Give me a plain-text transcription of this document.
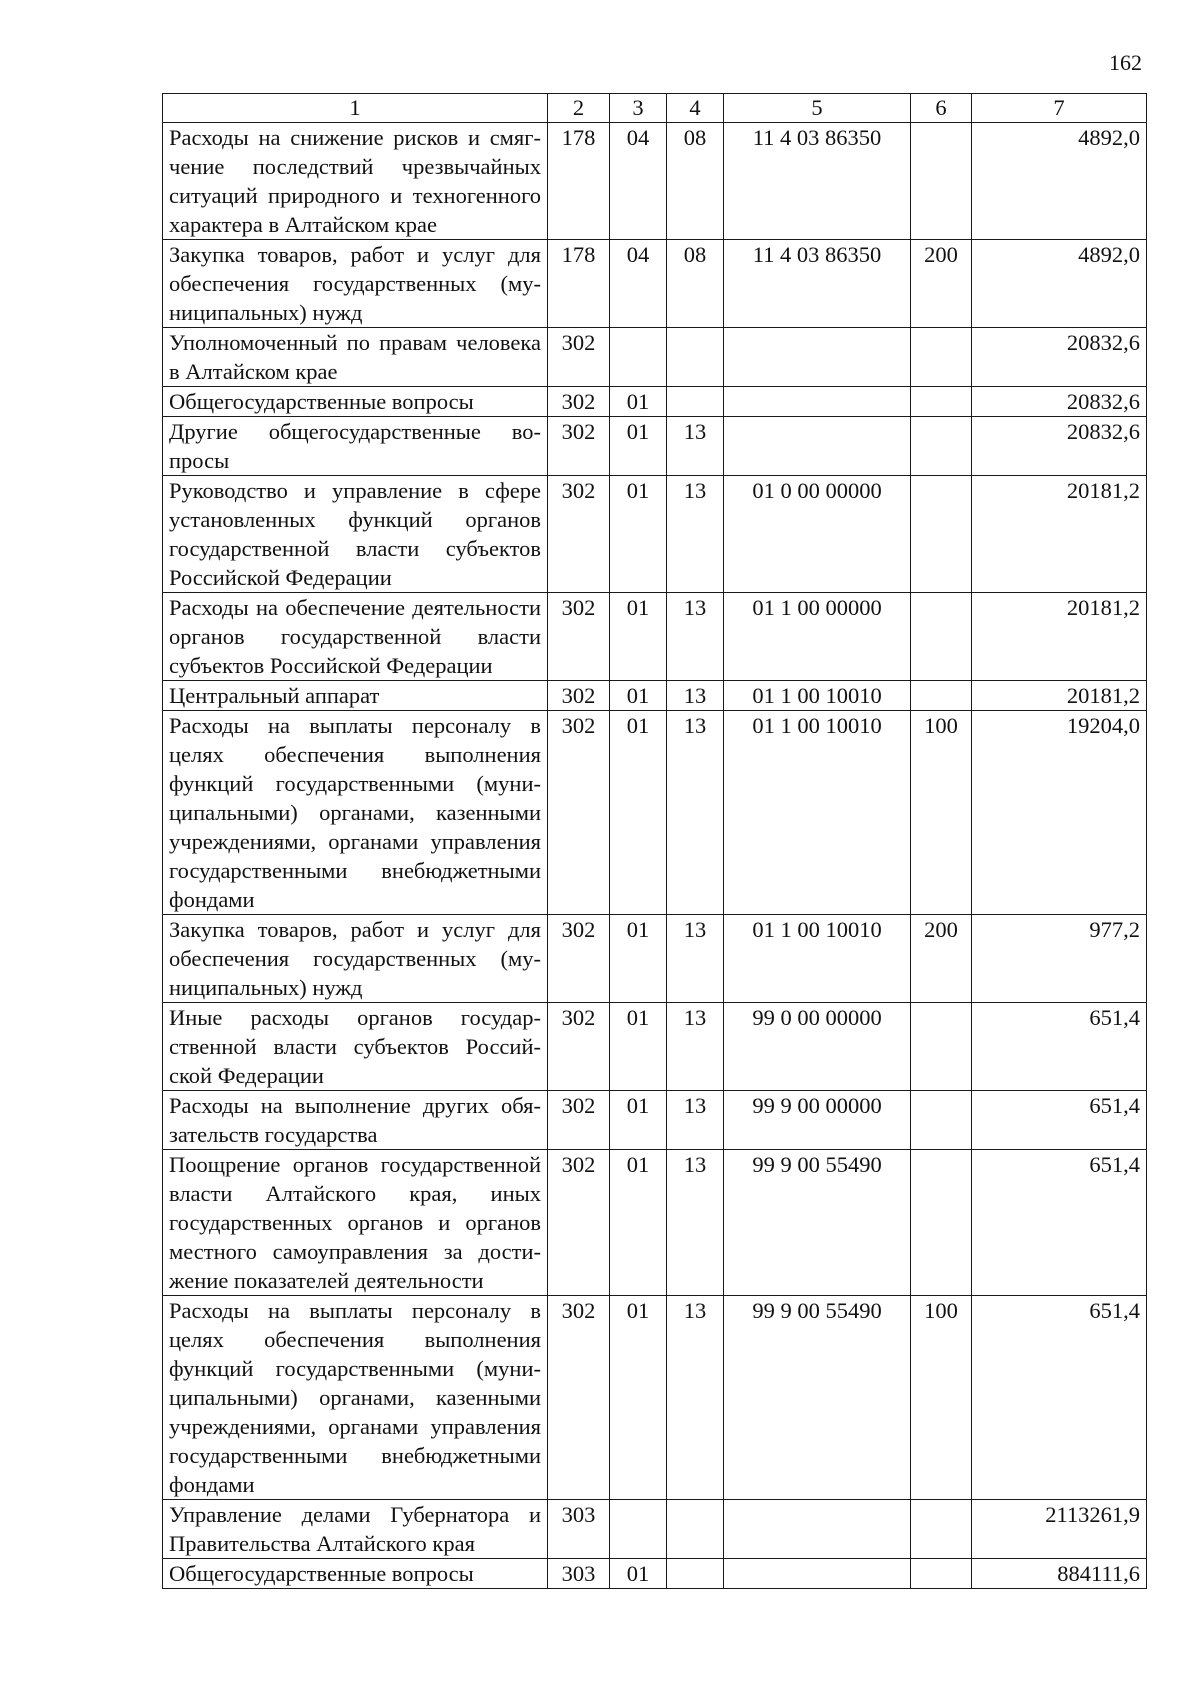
162
1	2	3	4	5	6	7
Расходы на снижение рисков и смягчение последствий чрезвычайных ситуаций природного и техногенного характера в Алтайском крае	178	04	08	11 4 03 86350		4892,0
Закупка товаров, работ и услуг для обеспечения государственных (муниципальных) нужд	178	04	08	11 4 03 86350	200	4892,0
Уполномоченный по правам человека в Алтайском крае	302					20832,6
Общегосударственные вопросы	302	01				20832,6
Другие общегосударственные вопросы	302	01	13			20832,6
Руководство и управление в сфере установленных функций органов государственной власти субъектов Российской Федерации	302	01	13	01 0 00 00000		20181,2
Расходы на обеспечение деятельности органов государственной власти субъектов Российской Федерации	302	01	13	01 1 00 00000		20181,2
Центральный аппарат	302	01	13	01 1 00 10010		20181,2
Расходы на выплаты персоналу в целях обеспечения выполнения функций государственными (муниципальными) органами, казенными учреждениями, органами управления государственными внебюджетными фондами	302	01	13	01 1 00 10010	100	19204,0
Закупка товаров, работ и услуг для обеспечения государственных (муниципальных) нужд	302	01	13	01 1 00 10010	200	977,2
Иные расходы органов государственной власти субъектов Российской Федерации	302	01	13	99 0 00 00000		651,4
Расходы на выполнение других обязательств государства	302	01	13	99 9 00 00000		651,4
Поощрение органов государственной власти Алтайского края, иных государственных органов и органов местного самоуправления за достижение показателей деятельности	302	01	13	99 9 00 55490		651,4
Расходы на выплаты персоналу в целях обеспечения выполнения функций государственными (муниципальными) органами, казенными учреждениями, органами управления государственными внебюджетными фондами	302	01	13	99 9 00 55490	100	651,4
Управление делами Губернатора и Правительства Алтайского края	303					2113261,9
Общегосударственные вопросы	303	01				884111,6
